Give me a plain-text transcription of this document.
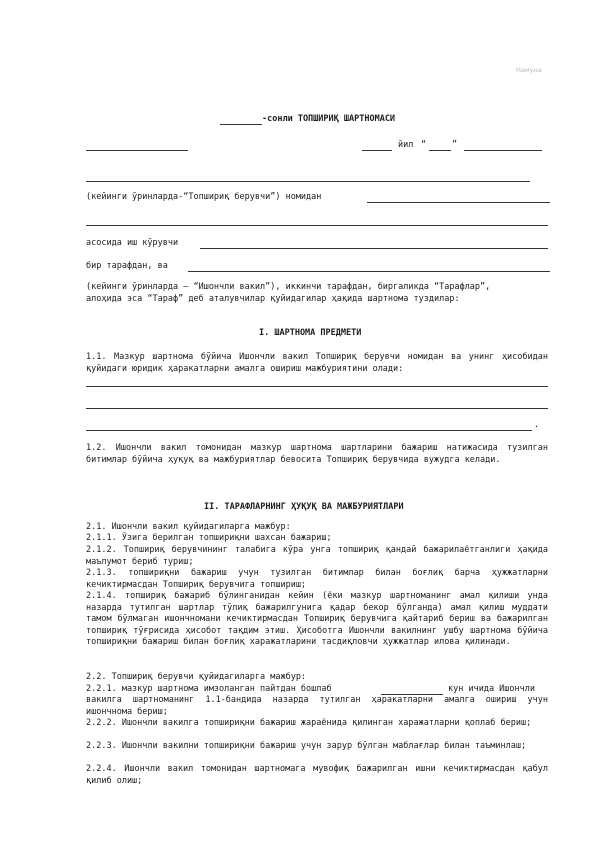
Намуна
-сонли ТОПШИРИҚ ШАРТНОМАСИ
йил “	”
(кейинги ўринларда-“Топшириқ берувчи”) номидан
асосида иш кўрувчи
бир тарафдан, ва
(кейинги ўринларда – “Ишончли вакил”), иккинчи тарафдан, биргаликда “Тарафлар”,
алоҳида эса “Тараф” деб аталувчилар қуйидагилар ҳақида шартнома туздилар:
I. ШАРТНОМА ПРЕДМЕТИ
1.1. Мазкур шартнома бўйича Ишончли вакил Топшириқ берувчи номидан ва унинг ҳисобидан қуйидаги юридик ҳаракатларни амалга ошириш мажбуриятини олади:
.
1.2. Ишончли вакил томонидан мазкур шартнома шартларини бажариш натижасида тузилган битимлар бўйича ҳуқуқ ва мажбуриятлар бевосита Топшириқ берувчида вужудга келади.
II. ТАРАФЛАРНИНГ ҲУҚУҚ ВА МАЖБУРИЯТЛАРИ
2.1. Ишончли вакил қуйидагиларга мажбур:
2.1.1. Ўзига берилган топшириқни шахсан бажариш;
2.1.2. Топшириқ берувчининг талабига кўра унга топшириқ қандай бажарилаётганлиги ҳақида маълумот бериб туриш;
2.1.3. топшириқни бажариш учун тузилган битимлар билан боғлиқ барча ҳужжатларни кечиктирмасдан Топшириқ берувчига топшириш;
2.1.4. топшириқ бажариб бўлинганидан кейин (ёки мазкур шартноманинг амал қилиши унда назарда тутилган шартлар тўлиқ бажарилгунига қадар бекор бўлганда) амал қилиш муддати тамом бўлмаган ишончномани кечиктирмасдан Топшириқ берувчига қайтариб бериш ва бажарилган топшириқ тўғрисида ҳисобот тақдим этиш. Ҳисоботга Ишончли вакилнинг ушбу шартнома бўйича топшириқни бажариш билан боғлиқ харажатларини тасдиқловчи ҳужжатлар илова қилинади.
2.2. Топшириқ берувчи қуйидагиларга мажбур:
2.2.1. мазкур шартнома имзоланган пайтдан бошлаб	кун ичида Ишончли
вакилга шартноманинг 1.1-бандида назарда тутилган ҳаракатларни амалга ошириш учун ишончнома бериш;
2.2.2. Ишончли вакилга топшириқни бажариш жараёнида қилинган харажатларни қоплаб бериш;
2.2.3. Ишончли вакилни топшириқни бажариш учун зарур бўлган маблағлар билан таъминлаш;
2.2.4. Ишончли вакил томонидан шартномага мувофиқ бажарилган ишни кечиктирмасдан қабул қилиб олиш;
